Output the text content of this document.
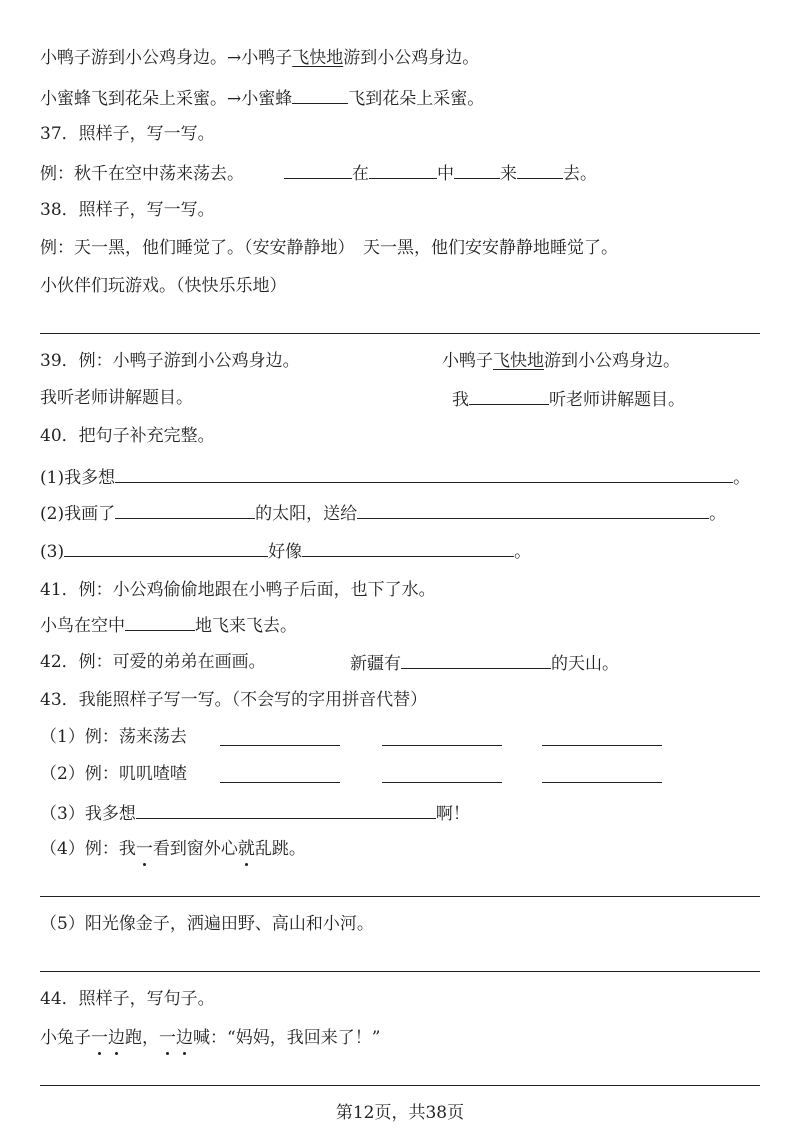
小鸭子游到小公鸡身边。→小鸭子飞快地游到小公鸡身边。
小蜜蜂飞到花朵上采蜜。→小蜜蜂	飞到花朵上采蜜。
37．照样子，写一写。
例：秋千在空中荡来荡去。	在	中	来	去。
38．照样子，写一写。
例：天一黑，他们睡觉了。（安安静静地）　天一黑，他们安安静静地睡觉了。
小伙伴们玩游戏。（快快乐乐地）
39．例：小鸭子游到小公鸡身边。	小鸭子飞快地游到小公鸡身边。
我听老师讲解题目。	我	听老师讲解题目。
40．把句子补充完整。
(1)我多想	。
(2)我画了	的太阳，送给	。
(3)	好像	。
41．例：小公鸡偷偷地跟在小鸭子后面，也下了水。
小鸟在空中	地飞来飞去。
42．例：可爱的弟弟在画画。	新疆有	的天山。
43．我能照样子写一写。（不会写的字用拼音代替）
（1）例：荡来荡去
（2）例：叽叽喳喳
（3）我多想	啊！
（4）例：我一看到窗外心就乱跳。
（5）阳光像金子，洒遍田野、高山和小河。
44．照样子，写句子。
小兔子一边跑，一边喊：“妈妈，我回来了！”
第12页，共38页
